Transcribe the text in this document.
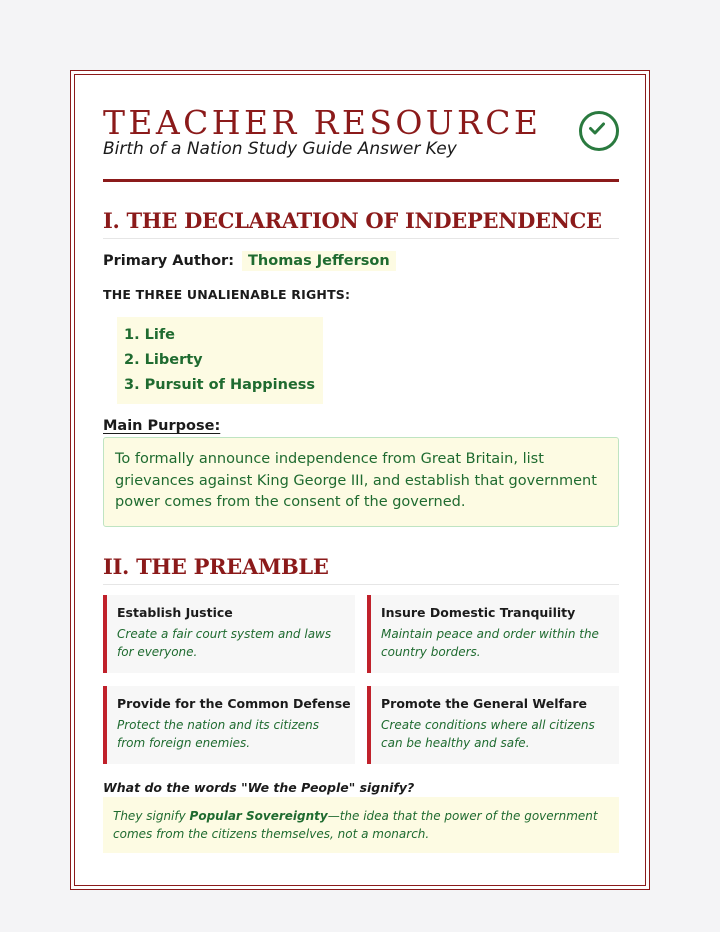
TEACHER RESOURCE
Birth of a Nation Study Guide Answer Key
I. THE DECLARATION OF INDEPENDENCE
Primary Author: Thomas Jefferson
THE THREE UNALIENABLE RIGHTS:
1. Life
2. Liberty
3. Pursuit of Happiness
Main Purpose:
To formally announce independence from Great Britain, list grievances against King George III, and establish that government power comes from the consent of the governed.
II. THE PREAMBLE
Establish Justice
Create a fair court system and laws for everyone.
Insure Domestic Tranquility
Maintain peace and order within the country borders.
Provide for the Common Defense
Protect the nation and its citizens from foreign enemies.
Promote the General Welfare
Create conditions where all citizens can be healthy and safe.
What do the words "We the People" signify?
They signify Popular Sovereignty—the idea that the power of the government comes from the citizens themselves, not a monarch.
